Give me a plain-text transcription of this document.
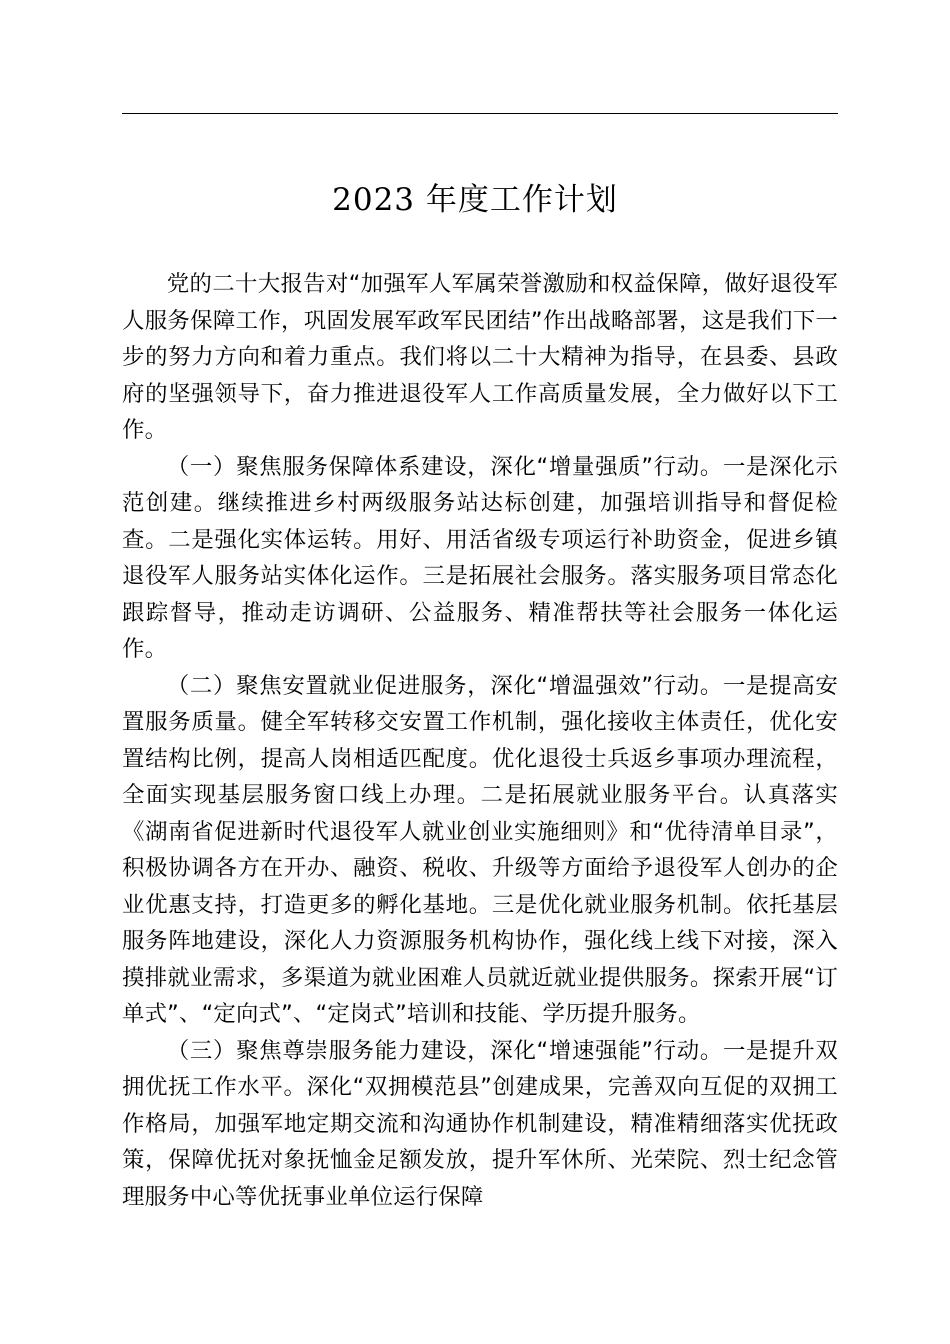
2023 年度工作计划

党的二十大报告对“加强军人军属荣誉激励和权益保障，做好退役军人服务保障工作，巩固发展军政军民团结”作出战略部署，这是我们下一步的努力方向和着力重点。我们将以二十大精神为指导，在县委、县政府的坚强领导下，奋力推进退役军人工作高质量发展，全力做好以下工作。

（一）聚焦服务保障体系建设，深化“增量强质”行动。一是深化示范创建。继续推进乡村两级服务站达标创建，加强培训指导和督促检查。二是强化实体运转。用好、用活省级专项运行补助资金，促进乡镇退役军人服务站实体化运作。三是拓展社会服务。落实服务项目常态化跟踪督导，推动走访调研、公益服务、精准帮扶等社会服务一体化运作。

（二）聚焦安置就业促进服务，深化“增温强效”行动。一是提高安置服务质量。健全军转移交安置工作机制，强化接收主体责任，优化安置结构比例，提高人岗相适匹配度。优化退役士兵返乡事项办理流程，全面实现基层服务窗口线上办理。二是拓展就业服务平台。认真落实《湖南省促进新时代退役军人就业创业实施细则》和“优待清单目录”，积极协调各方在开办、融资、税收、升级等方面给予退役军人创办的企业优惠支持，打造更多的孵化基地。三是优化就业服务机制。依托基层服务阵地建设，深化人力资源服务机构协作，强化线上线下对接，深入摸排就业需求，多渠道为就业困难人员就近就业提供服务。探索开展“订单式”、“定向式”、“定岗式”培训和技能、学历提升服务。

（三）聚焦尊崇服务能力建设，深化“增速强能”行动。一是提升双拥优抚工作水平。深化“双拥模范县”创建成果，完善双向互促的双拥工作格局，加强军地定期交流和沟通协作机制建设，精准精细落实优抚政策，保障优抚对象抚恤金足额发放，提升军休所、光荣院、烈士纪念管理服务中心等优抚事业单位运行保障
